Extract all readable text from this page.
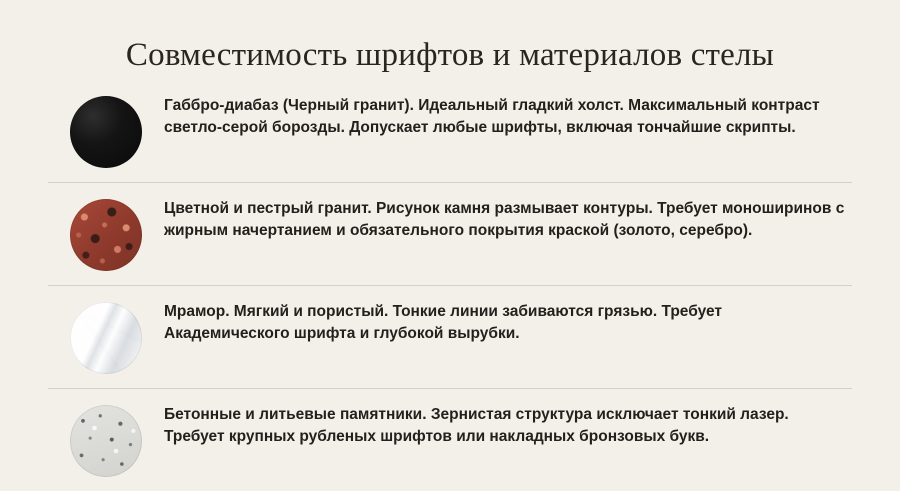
Совместимость шрифтов и материалов стелы
Габбро-диабаз (Черный гранит). Идеальный гладкий холст. Максимальный контраст светло-серой борозды. Допускает любые шрифты, включая тончайшие скрипты.
Цветной и пестрый гранит. Рисунок камня размывает контуры. Требует моноширинов с жирным начертанием и обязательного покрытия краской (золото, серебро).
Мрамор. Мягкий и пористый. Тонкие линии забиваются грязью. Требует Академического шрифта и глубокой вырубки.
Бетонные и литьевые памятники. Зернистая структура исключает тонкий лазер. Требует крупных рубленых шрифтов или накладных бронзовых букв.
